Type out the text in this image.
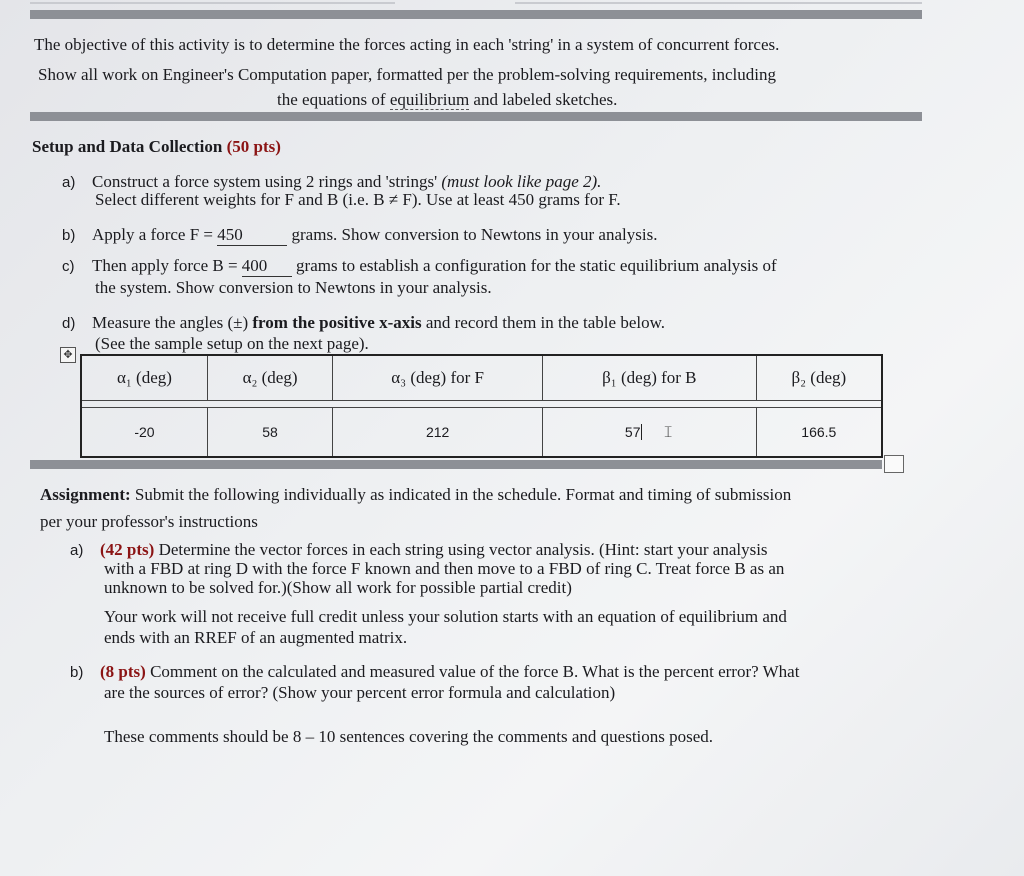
The objective of this activity is to determine the forces acting in each 'string' in a system of concurrent forces.
Show all work on Engineer's Computation paper, formatted per the problem-solving requirements, including
the equations of equilibrium and labeled sketches.
Setup and Data Collection (50 pts)
a) Construct a force system using 2 rings and 'strings' (must look like page 2).
Select different weights for F and B (i.e. B ≠ F). Use at least 450 grams for F.
b) Apply a force F = 450	grams. Show conversion to Newtons in your analysis.
c) Then apply force B = 400 grams to establish a configuration for the static equilibrium analysis of
the system. Show conversion to Newtons in your analysis.
d) Measure the angles (±) from the positive x-axis and record them in the table below.
(See the sample setup on the next page).
✥
α₁ (deg)	α₂ (deg)	α₃ (deg) for F	β₁ (deg) for B	β₂ (deg)

-20	58	212	57 𝙸	166.5
Assignment: Submit the following individually as indicated in the schedule. Format and timing of submission
per your professor's instructions
a) (42 pts) Determine the vector forces in each string using vector analysis. (Hint: start your analysis
with a FBD at ring D with the force F known and then move to a FBD of ring C. Treat force B as an
unknown to be solved for.)(Show all work for possible partial credit)
Your work will not receive full credit unless your solution starts with an equation of equilibrium and
ends with an RREF of an augmented matrix.
b) (8 pts) Comment on the calculated and measured value of the force B. What is the percent error? What
are the sources of error? (Show your percent error formula and calculation)
These comments should be 8 – 10 sentences covering the comments and questions posed.
